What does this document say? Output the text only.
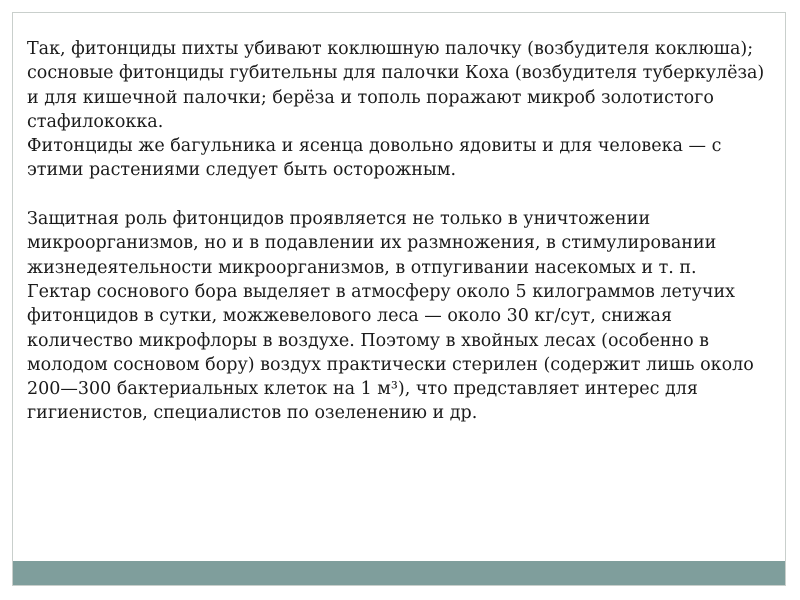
Так, фитонциды пихты убивают коклюшную палочку (возбудителя коклюша); сосновые фитонциды губительны для палочки Коха (возбудителя туберкулёза) и для кишечной палочки; берёза и тополь поражают микроб золотистого стафилококка.

Фитонциды же багульника и ясенца довольно ядовиты и для человека — с этими растениями следует быть осторожным.

Защитная роль фитонцидов проявляется не только в уничтожении микроорганизмов, но и в подавлении их размножения, в стимулировании жизнедеятельности микроорганизмов, в отпугивании насекомых и т. п.

Гектар соснового бора выделяет в атмосферу около 5 килограммов летучих фитонцидов в сутки, можжевелового леса — около 30 кг/сут, снижая количество микрофлоры в воздухе. Поэтому в хвойных лесах (особенно в молодом сосновом бору) воздух практически стерилен (содержит лишь около 200—300 бактериальных клеток на 1 м³), что представляет интерес для гигиенистов, специалистов по озеленению и др.
